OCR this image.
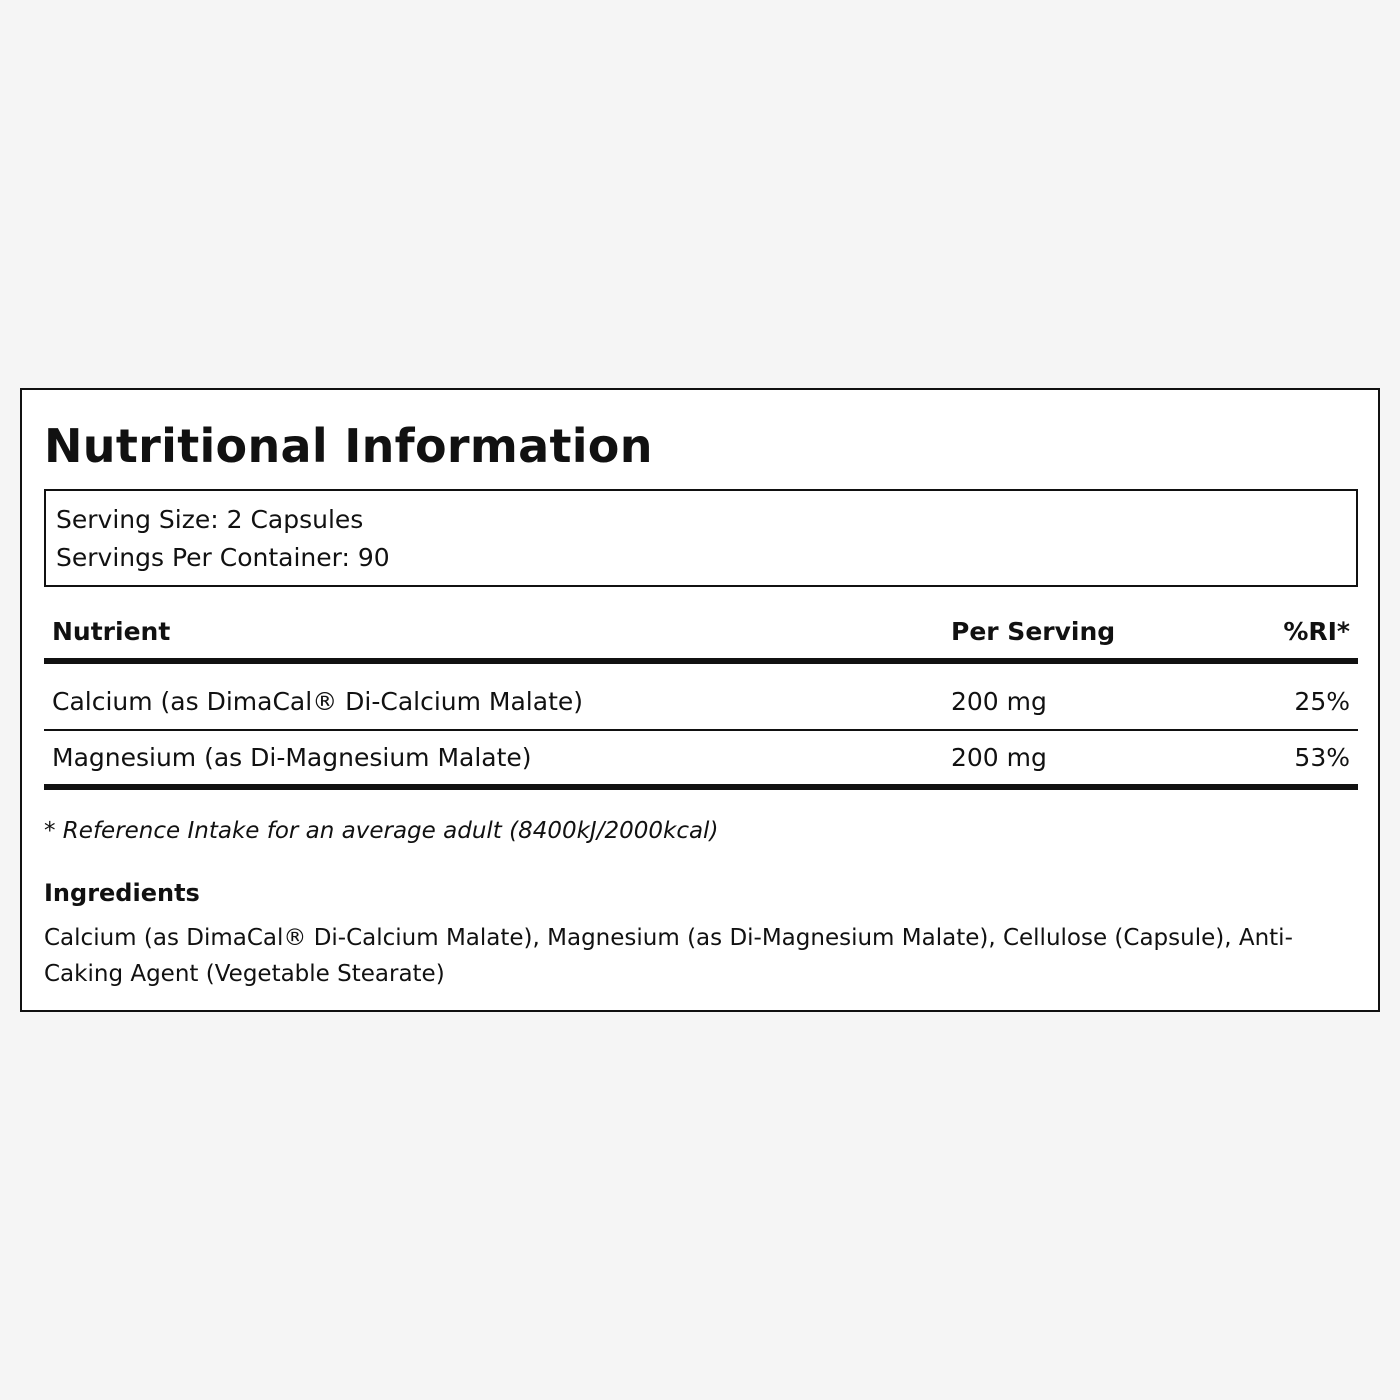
Nutritional Information
Serving Size: 2 Capsules
Servings Per Container: 90
Nutrient	Per Serving	%RI*
Calcium (as DimaCal® Di-Calcium Malate)	200 mg	25%
Magnesium (as Di-Magnesium Malate)	200 mg	53%
* Reference Intake for an average adult (8400kJ/2000kcal)
Ingredients

Calcium (as DimaCal® Di-Calcium Malate), Magnesium (as Di-Magnesium Malate), Cellulose (Capsule), Anti-Caking Agent (Vegetable Stearate)
